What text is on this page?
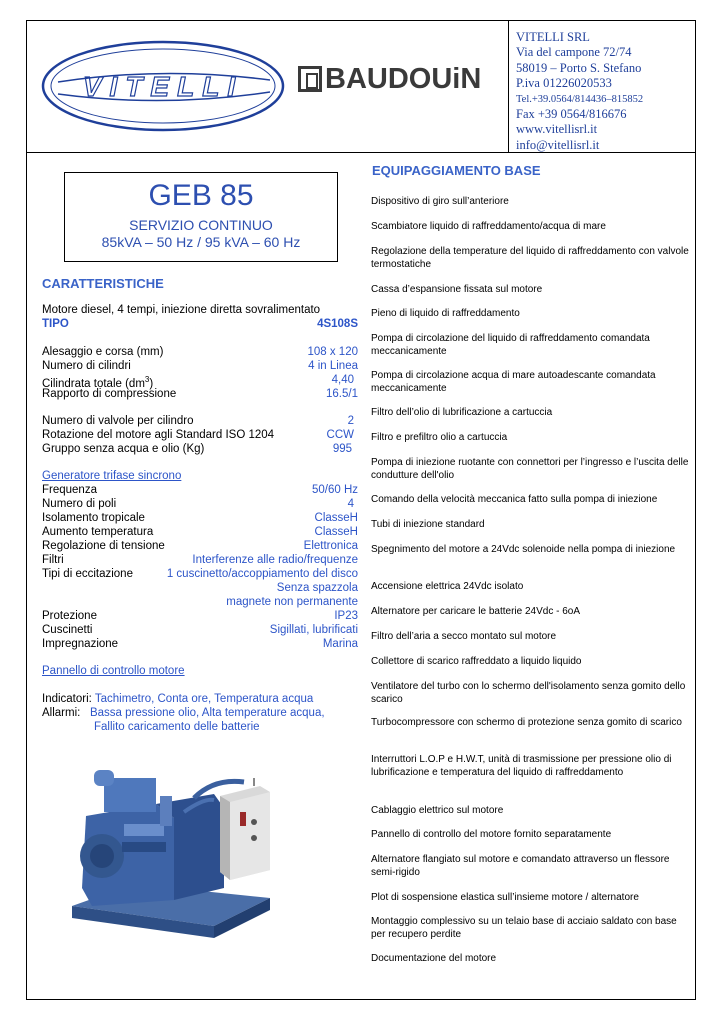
VITELLI	BAUDOUiN
VITELLI SRL
Via del campone 72/74
58019 – Porto S. Stefano
P.iva 01226020533
Tel.+39.0564/814436–815852
Fax +39 0564/816676
www.vitellisrl.it
info@vitellisrl.it
GEB 85
SERVIZIO CONTINUO
85kVA – 50 Hz / 95 kVA – 60 Hz
CARATTERISTICHE
Motore diesel, 4 tempi, iniezione diretta sovralimentato
TIPO	4S108S
Alesaggio e corsa (mm)	108 x 120
Numero di cilindri	4 in Linea
Cilindrata totale $(dm^3)$	4,40
Rapporto di compressione	16.5/1
Numero di valvole per cilindro	2
Rotazione del motore agli Standard ISO 1204	CCW
Gruppo senza acqua e olio (Kg)	995
Generatore trifase sincrono
Frequenza	50/60 Hz
Numero di poli	4
Isolamento tropicale	ClasseH
Aumento temperatura	ClasseH
Regolazione di tensione	Elettronica
Filtri	Interferenze alle radio/frequenze
Tipi di eccitazione	1 cuscinetto/accoppiamento del disco
Senza spazzola
magnete non permanente
Protezione	IP23
Cuscinetti	Sigillati, lubrificati
Impregnazione	Marina
Pannello di controllo motore
Indicatori: Tachimetro, Conta ore, Temperatura acqua
Allarmi: Bassa pressione olio, Alta temperature acqua,
Fallito caricamento delle batterie
EQUIPAGGIAMENTO BASE
Dispositivo di giro sull’anteriore
Scambiatore liquido di raffreddamento/acqua di mare
Regolazione della temperature del liquido di raffreddamento con valvole termostatiche
Cassa d’espansione fissata sul motore
Pieno di liquido di raffreddamento
Pompa di circolazione del liquido di raffreddamento comandata meccanicamente
Pompa di circolazione acqua di mare autoadescante comandata meccanicamente
Filtro dell’olio di lubrificazione a cartuccia
Filtro e prefiltro olio a cartuccia
Pompa di iniezione ruotante con connettori per l’ingresso e l’uscita delle condutture dell'olio
Comando della velocità meccanica fatto sulla pompa di iniezione
Tubi di iniezione standard
Spegnimento del motore a 24Vdc solenoide nella pompa di iniezione
Accensione elettrica 24Vdc isolato
Alternatore per caricare le batterie 24Vdc - 6oA
Filtro dell’aria a secco montato sul motore
Collettore di scarico raffreddato a liquido liquido
Ventilatore del turbo con lo schermo dell'isolamento senza gomito dello scarico
Turbocompressore con schermo di protezione senza gomito di scarico
Interruttori L.O.P e H.W.T, unità di trasmissione per pressione olio di lubrificazione e temperatura del liquido di raffreddamento
Cablaggio elettrico sul motore
Pannello di controllo del motore fornito separatamente
Alternatore flangiato sul motore e comandato attraverso un flessore semi-rigido
Plot di sospensione elastica sull’insieme motore / alternatore
Montaggio complessivo su un telaio base di acciaio saldato con base per recupero perdite
Documentazione del motore
